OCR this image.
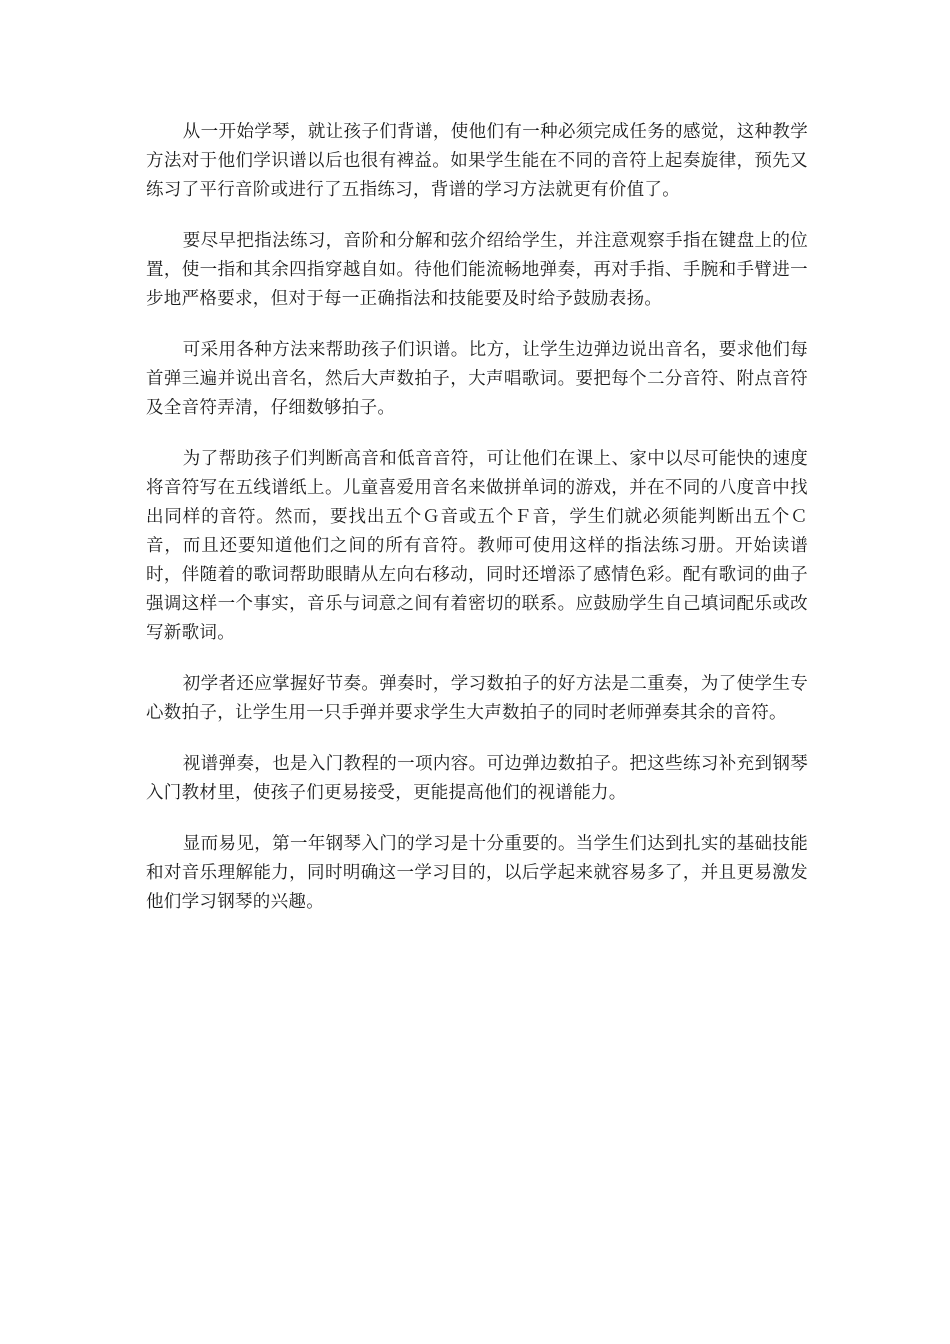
从一开始学琴，就让孩子们背谱，使他们有一种必须完成任务的感觉，这种教学方法对于他们学识谱以后也很有裨益。如果学生能在不同的音符上起奏旋律，预先又练习了平行音阶或进行了五指练习，背谱的学习方法就更有价值了。

要尽早把指法练习，音阶和分解和弦介绍给学生，并注意观察手指在键盘上的位置，使一指和其余四指穿越自如。待他们能流畅地弹奏，再对手指、手腕和手臂进一步地严格要求，但对于每一正确指法和技能要及时给予鼓励表扬。

可采用各种方法来帮助孩子们识谱。比方，让学生边弹边说出音名，要求他们每首弹三遍并说出音名，然后大声数拍子，大声唱歌词。要把每个二分音符、附点音符及全音符弄清，仔细数够拍子。

为了帮助孩子们判断高音和低音音符，可让他们在课上、家中以尽可能快的速度将音符写在五线谱纸上。儿童喜爱用音名来做拼单词的游戏，并在不同的八度音中找出同样的音符。然而，要找出五个Ｇ音或五个Ｆ音，学生们就必须能判断出五个Ｃ音，而且还要知道他们之间的所有音符。教师可使用这样的指法练习册。开始读谱时，伴随着的歌词帮助眼睛从左向右移动，同时还增添了感情色彩。配有歌词的曲子强调这样一个事实，音乐与词意之间有着密切的联系。应鼓励学生自己填词配乐或改写新歌词。

初学者还应掌握好节奏。弹奏时，学习数拍子的好方法是二重奏，为了使学生专心数拍子，让学生用一只手弹并要求学生大声数拍子的同时老师弹奏其余的音符。

视谱弹奏，也是入门教程的一项内容。可边弹边数拍子。把这些练习补充到钢琴入门教材里，使孩子们更易接受，更能提高他们的视谱能力。

显而易见，第一年钢琴入门的学习是十分重要的。当学生们达到扎实的基础技能和对音乐理解能力，同时明确这一学习目的，以后学起来就容易多了，并且更易激发他们学习钢琴的兴趣。
